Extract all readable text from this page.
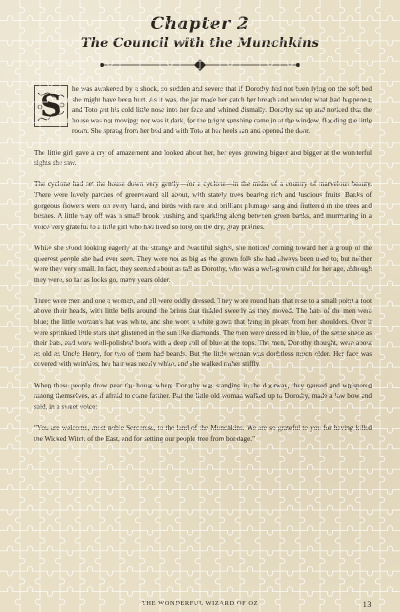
Chapter 2
The Council with the Munchkins
S	he was awakened by a shock, so sudden and severe that if Dorothy had not been lying on the soft bed she might have been hurt. As it was, the jar made her catch her breath and wonder what had happened; and Toto put his cold little nose into her face and whined dismally. Dorothy sat up and noticed that the house was not moving; nor was it dark, for the bright sunshine came in at the window, flooding the little room. She sprang from her bed and with Toto at her heels ran and opened the door.

The little girl gave a cry of amazement and looked about her, her eyes growing bigger and bigger at the wonderful sights she saw.

The cyclone had set the house down very gently—for a cyclone—in the midst of a country of marvelous beauty. There were lovely patches of greensward all about, with stately trees bearing rich and luscious fruits. Banks of gorgeous flowers were on every hand, and birds with rare and brilliant plumage sang and fluttered in the trees and bushes. A little way off was a small brook, rushing and sparkling along between green banks, and murmuring in a voice very grateful to a little girl who had lived so long on the dry, gray prairies.

While she stood looking eagerly at the strange and beautiful sights, she noticed coming toward her a group of the queerest people she had ever seen. They were not as big as the grown folk she had always been used to; but neither were they very small. In fact, they seemed about as tall as Dorothy, who was a well-grown child for her age, although they were, so far as looks go, many years older.

Three were men and one a woman, and all were oddly dressed. They wore round hats that rose to a small point a foot above their heads, with little bells around the brims that tinkled sweetly as they moved. The hats of the men were blue; the little woman's hat was white, and she wore a white gown that hung in pleats from her shoulders. Over it were sprinkled little stars that glistened in the sun like diamonds. The men were dressed in blue, of the same shade as their hats, and wore well-polished boots with a deep roll of blue at the tops. The men, Dorothy thought, were about as old as Uncle Henry, for two of them had beards. But the little woman was doubtless much older. Her face was covered with wrinkles, her hair was nearly white, and she walked rather stiffly.

When these people drew near the house where Dorothy was standing in the doorway, they paused and whispered among themselves, as if afraid to come farther. But the little old woman walked up to Dorothy, made a low bow and said, in a sweet voice:

"You are welcome, most noble Sorceress, to the land of the Munchkins. We are so grateful to you for having killed the Wicked Witch of the East, and for setting our people free from bondage."

THE WONDERFUL WIZARD OF OZ	13
